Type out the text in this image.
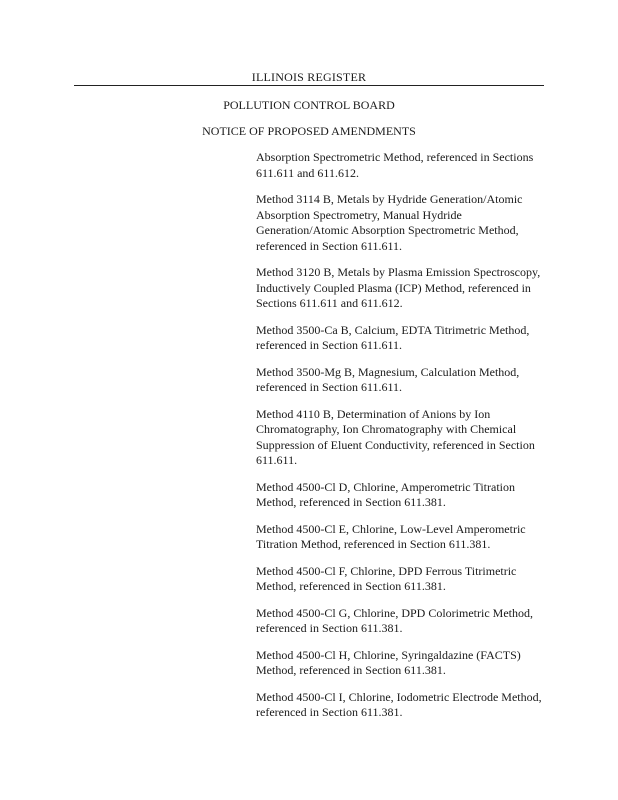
ILLINOIS REGISTER
POLLUTION CONTROL BOARD
NOTICE OF PROPOSED AMENDMENTS

Absorption Spectrometric Method, referenced in Sections 611.611 and 611.612.

Method 3114 B, Metals by Hydride Generation/Atomic Absorption Spectrometry, Manual Hydride Generation/Atomic Absorption Spectrometric Method, referenced in Section 611.611.

Method 3120 B, Metals by Plasma Emission Spectroscopy, Inductively Coupled Plasma (ICP) Method, referenced in Sections 611.611 and 611.612.

Method 3500-Ca B, Calcium, EDTA Titrimetric Method, referenced in Section 611.611.

Method 3500-Mg B, Magnesium, Calculation Method, referenced in Section 611.611.

Method 4110 B, Determination of Anions by Ion Chromatography, Ion Chromatography with Chemical Suppression of Eluent Conductivity, referenced in Section 611.611.

Method 4500-Cl D, Chlorine, Amperometric Titration Method, referenced in Section 611.381.

Method 4500-Cl E, Chlorine, Low-Level Amperometric Titration Method, referenced in Section 611.381.

Method 4500-Cl F, Chlorine, DPD Ferrous Titrimetric Method, referenced in Section 611.381.

Method 4500-Cl G, Chlorine, DPD Colorimetric Method, referenced in Section 611.381.

Method 4500-Cl H, Chlorine, Syringaldazine (FACTS) Method, referenced in Section 611.381.

Method 4500-Cl I, Chlorine, Iodometric Electrode Method, referenced in Section 611.381.
